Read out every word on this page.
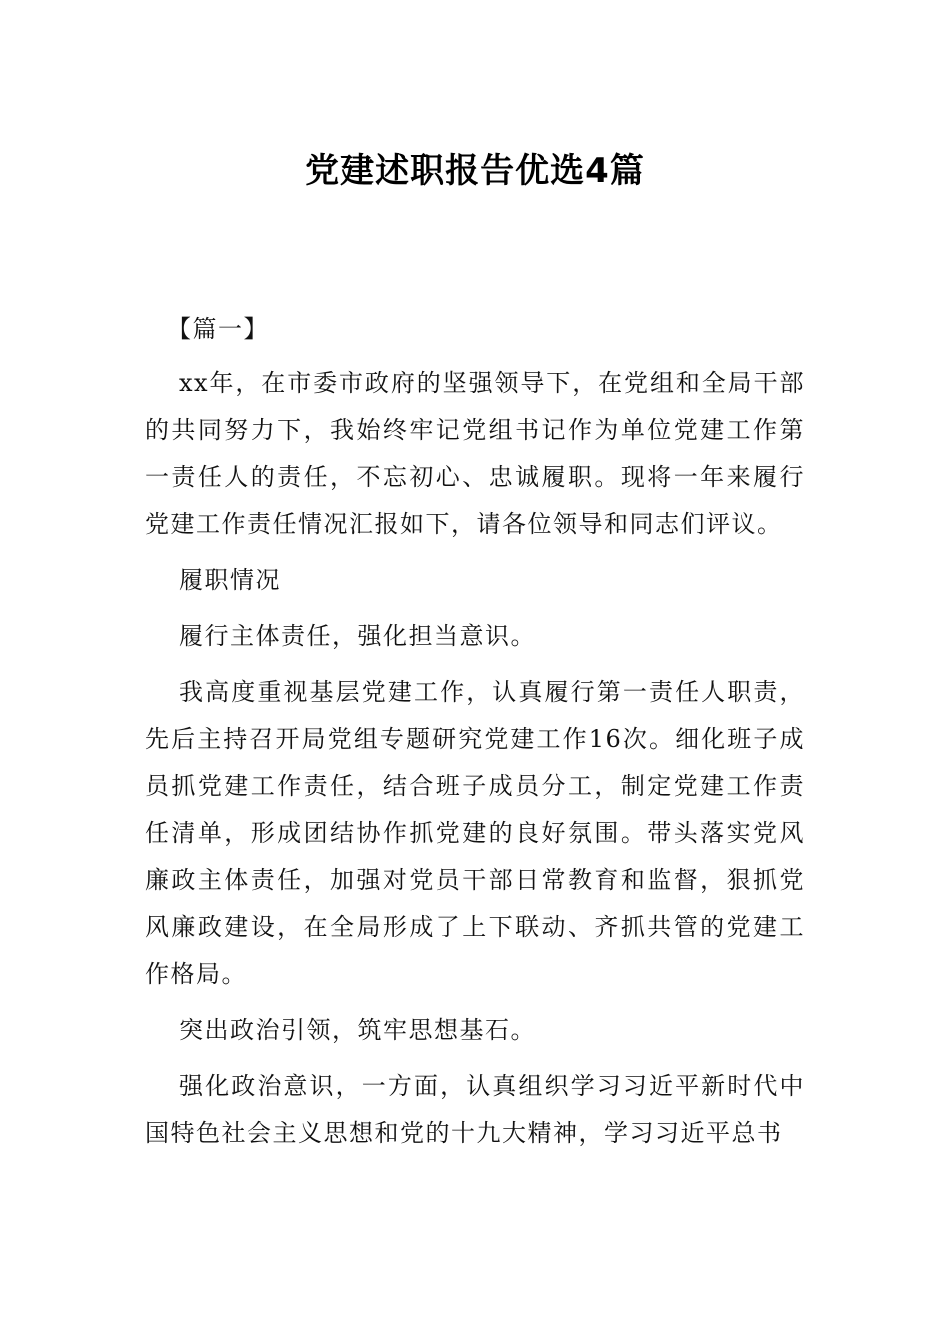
党建述职报告优选4篇

【篇一】

xx年，在市委市政府的坚强领导下，在党组和全局干部的共同努力下，我始终牢记党组书记作为单位党建工作第一责任人的责任，不忘初心、忠诚履职。现将一年来履行党建工作责任情况汇报如下，请各位领导和同志们评议。

履职情况

履行主体责任，强化担当意识。

我高度重视基层党建工作，认真履行第一责任人职责，先后主持召开局党组专题研究党建工作16次。细化班子成员抓党建工作责任，结合班子成员分工，制定党建工作责任清单，形成团结协作抓党建的良好氛围。带头落实党风廉政主体责任，加强对党员干部日常教育和监督，狠抓党风廉政建设，在全局形成了上下联动、齐抓共管的党建工作格局。

突出政治引领，筑牢思想基石。

强化政治意识，一方面，认真组织学习习近平新时代中国特色社会主义思想和党的十九大精神，学习习近平总书
